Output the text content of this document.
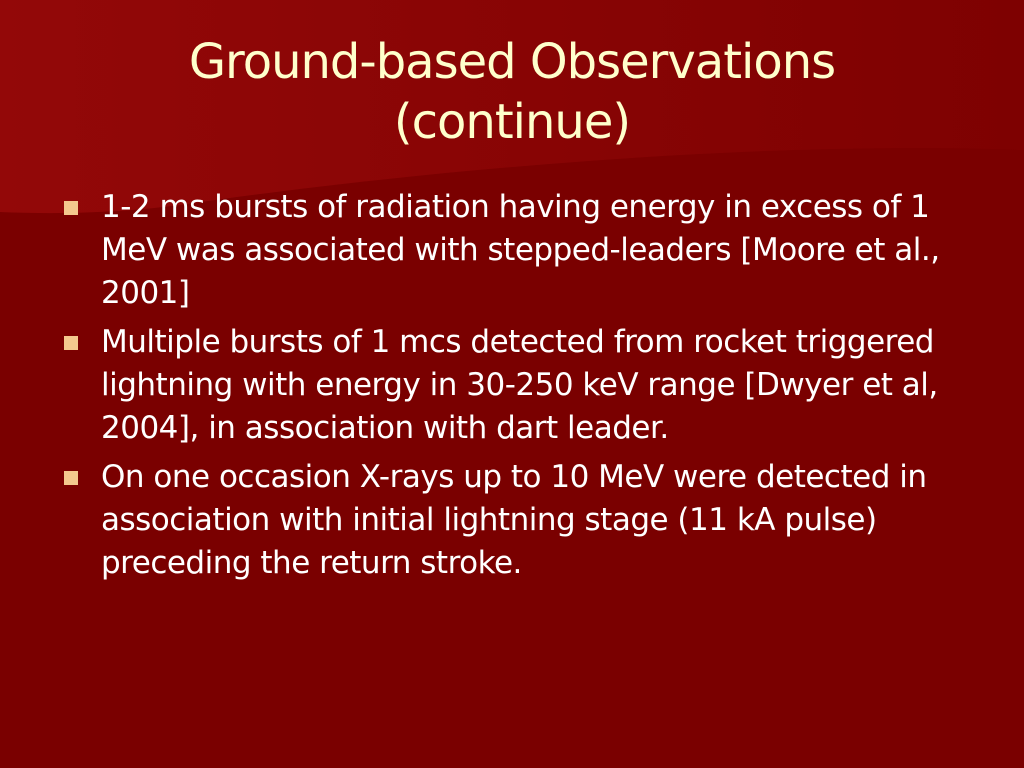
Ground-based Observations
(continue)
1-2 ms bursts of radiation having energy in excess of 1 MeV was associated with stepped-leaders [Moore et al., 2001]
Multiple bursts of 1 mcs detected from rocket triggered lightning with energy in 30-250 keV range [Dwyer et al, 2004], in association with dart leader.
On one occasion X-rays up to 10 MeV were detected in association with initial lightning stage (11 kA pulse) preceding the return stroke.
